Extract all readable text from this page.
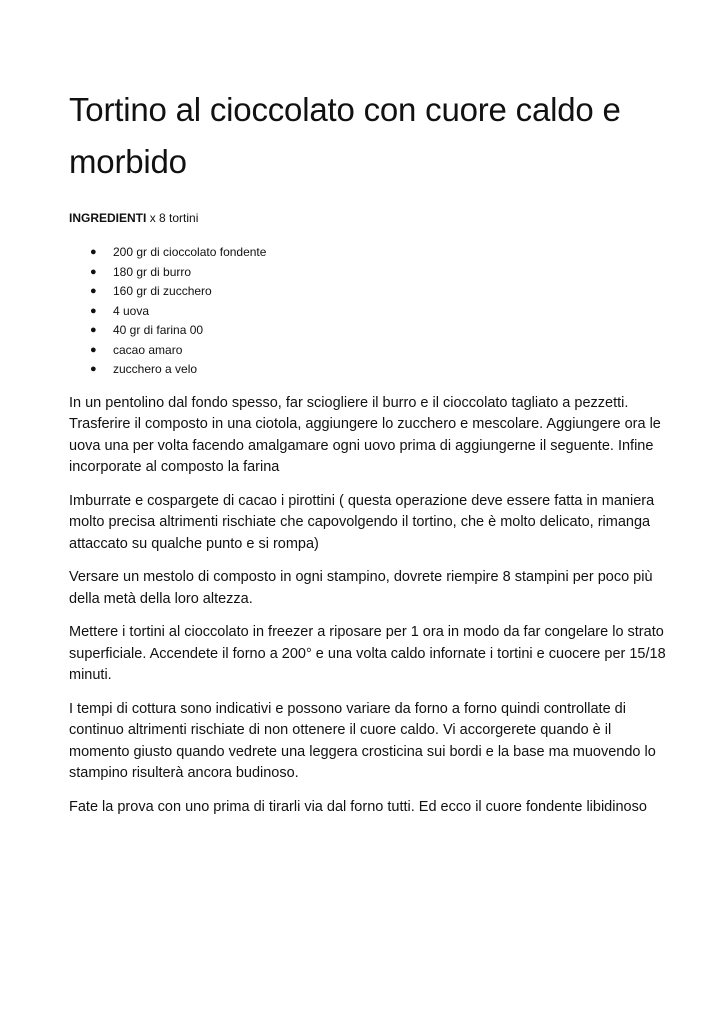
Tortino al cioccolato con cuore caldo e morbido
INGREDIENTI x 8 tortini
● 200 gr di cioccolato fondente
● 180 gr di burro
● 160 gr di zucchero
● 4 uova
● 40 gr di farina 00
● cacao amaro
● zucchero a velo

In un pentolino dal fondo spesso, far sciogliere il burro e il cioccolato tagliato a pezzetti. Trasferire il composto in una ciotola, aggiungere lo zucchero e mescolare. Aggiungere ora le uova una per volta facendo amalgamare ogni uovo prima di aggiungerne il seguente. Infine incorporate al composto la farina

Imburrate e cospargete di cacao i pirottini ( questa operazione deve essere fatta in maniera molto precisa altrimenti rischiate che capovolgendo il tortino, che è molto delicato, rimanga attaccato su qualche punto e si rompa)

Versare un mestolo di composto in ogni stampino, dovrete riempire 8 stampini per poco più della metà della loro altezza.

Mettere i tortini al cioccolato in freezer a riposare per 1 ora in modo da far congelare lo strato superficiale. Accendete il forno a 200° e una volta caldo infornate i tortini e cuocere per 15/18 minuti.

I tempi di cottura sono indicativi e possono variare da forno a forno quindi controllate di continuo altrimenti rischiate di non ottenere il cuore caldo. Vi accorgerete quando è il momento giusto quando vedrete una leggera crosticina sui bordi e la base ma muovendo lo stampino risulterà ancora budinoso.

Fate la prova con uno prima di tirarli via dal forno tutti. Ed ecco il cuore fondente libidinoso
